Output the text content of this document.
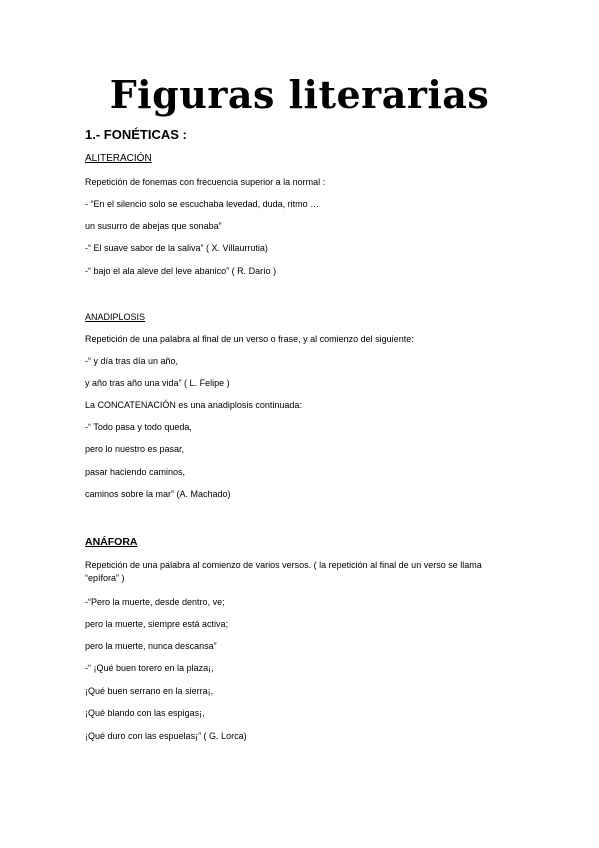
Figuras literarias
1.- FONÉTICAS :
ALITERACIÓN
Repetición de fonemas con frecuencia superior a la normal :
- “En el silencio solo se escuchaba levedad, duda, ritmo …
un susurro de abejas que sonaba”
-“ El suave sabor de la saliva” ( X. Villaurrutia)
-“ bajo el ala aleve del leve abanico” ( R. Darío )
ANADIPLOSIS
Repetición de una palabra al final de un verso o frase, y al comienzo del siguiente:
-“ y día tras día un año,
y año tras año una vida” ( L. Felipe )
La CONCATENACIÓN es una anadiplosis continuada:
-“ Todo pasa y todo queda,
pero lo nuestro es pasar,
pasar haciendo caminos,
caminos sobre la mar” (A. Machado)
ANÁFORA
Repetición de una palabra al comienzo de varios versos. ( la repetición al final de un verso se llama “epífora” )
-“Pero la muerte, desde dentro, ve;
pero la muerte, siempre está activa;
pero la muerte, nunca descansa”
-“ ¡Qué buen torero en la plaza¡,
¡Qué buen serrano en la sierra¡,
¡Qué blando con las espigas¡,
¡Qué duro con las espuelas¡” ( G. Lorca)
